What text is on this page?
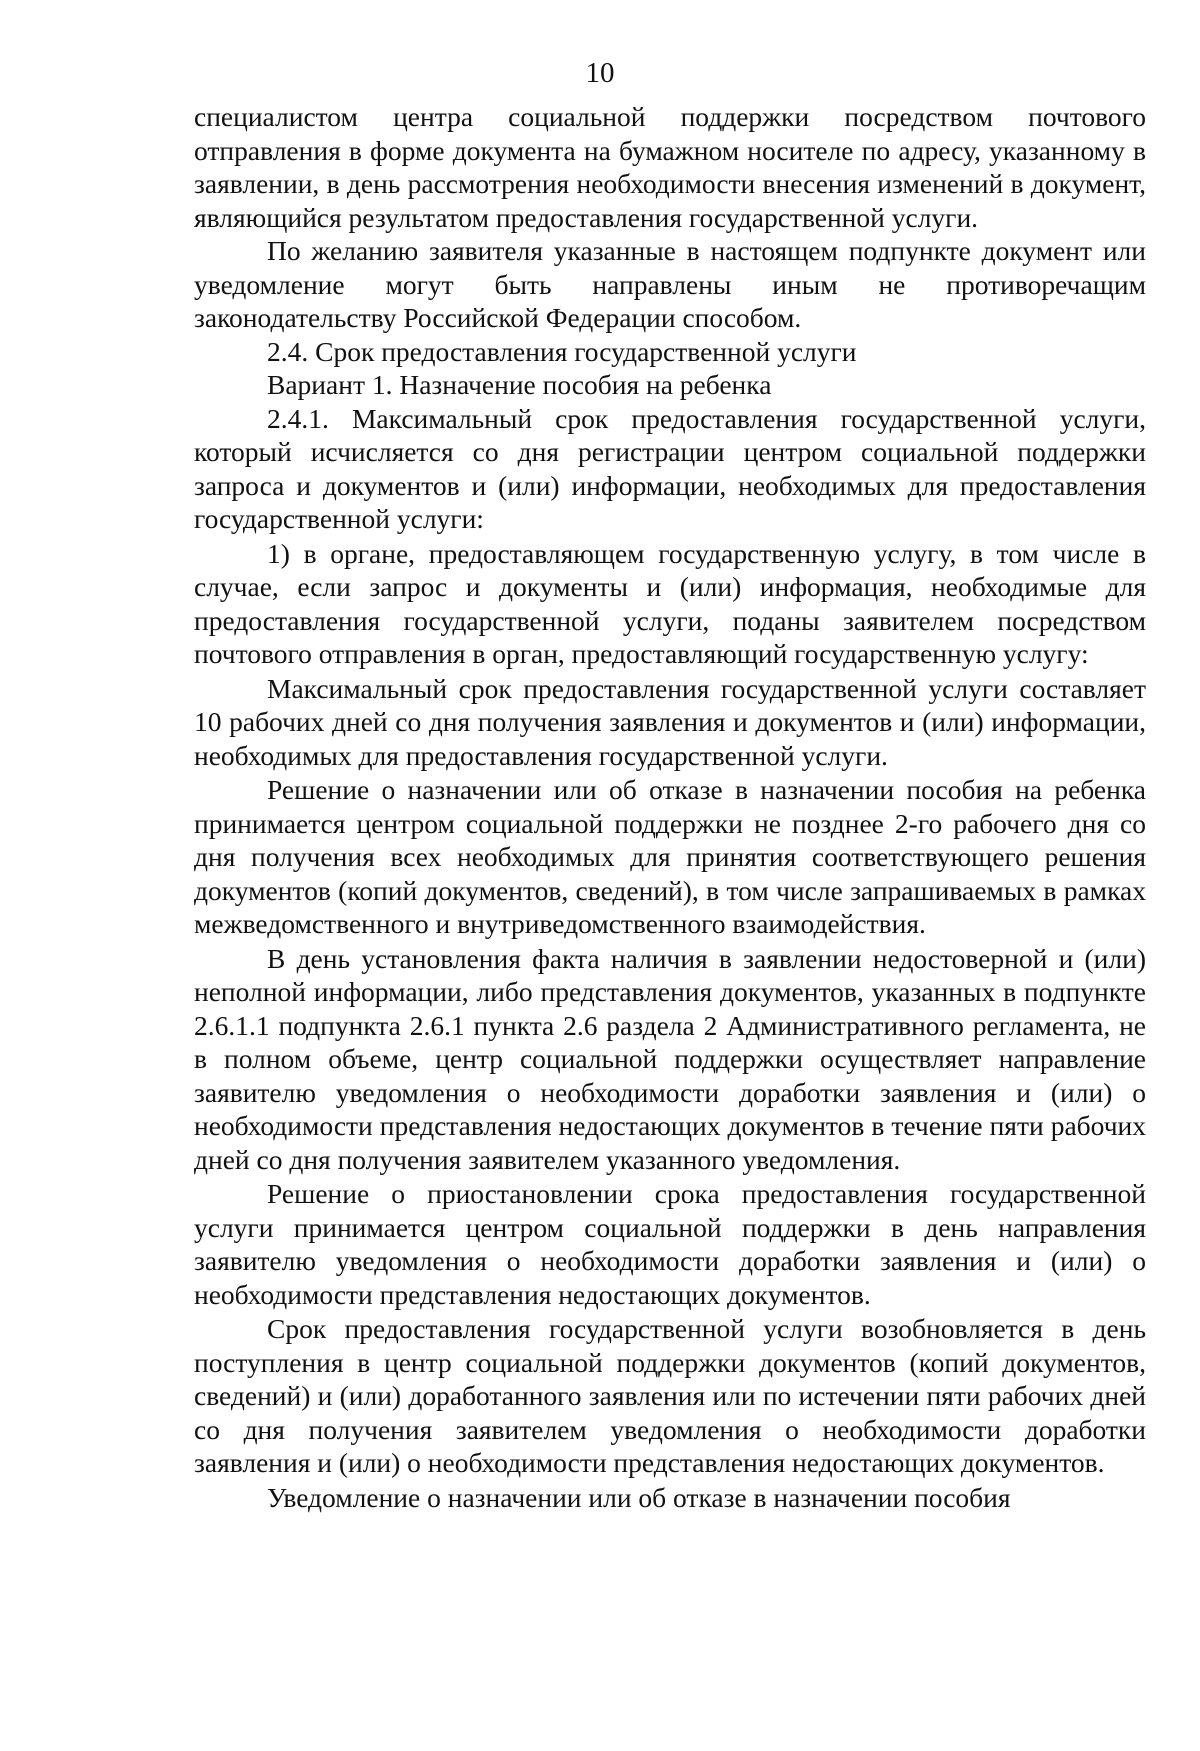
10

специалистом центра социальной поддержки посредством почтового отправления в форме документа на бумажном носителе по адресу, указанному в заявлении, в день рассмотрения необходимости внесения изменений в документ, являющийся результатом предоставления государственной услуги.

По желанию заявителя указанные в настоящем подпункте документ или уведомление могут быть направлены иным не противоречащим законодательству Российской Федерации способом.

2.4. Срок предоставления государственной услуги

Вариант 1. Назначение пособия на ребенка

2.4.1. Максимальный срок предоставления государственной услуги, который исчисляется со дня регистрации центром социальной поддержки запроса и документов и (или) информации, необходимых для предоставления государственной услуги:

1) в органе, предоставляющем государственную услугу, в том числе в случае, если запрос и документы и (или) информация, необходимые для предоставления государственной услуги, поданы заявителем посредством почтового отправления в орган, предоставляющий государственную услугу:

Максимальный срок предоставления государственной услуги составляет 10 рабочих дней со дня получения заявления и документов и (или) информации, необходимых для предоставления государственной услуги.

Решение о назначении или об отказе в назначении пособия на ребенка принимается центром социальной поддержки не позднее 2-го рабочего дня со дня получения всех необходимых для принятия соответствующего решения документов (копий документов, сведений), в том числе запрашиваемых в рамках межведомственного и внутриведомственного взаимодействия.

В день установления факта наличия в заявлении недостоверной и (или) неполной информации, либо представления документов, указанных в подпункте 2.6.1.1 подпункта 2.6.1 пункта 2.6 раздела 2 Административного регламента, не в полном объеме, центр социальной поддержки осуществляет направление заявителю уведомления о необходимости доработки заявления и (или) о необходимости представления недостающих документов в течение пяти рабочих дней со дня получения заявителем указанного уведомления.

Решение о приостановлении срока предоставления государственной услуги принимается центром социальной поддержки в день направления заявителю уведомления о необходимости доработки заявления и (или) о необходимости представления недостающих документов.

Срок предоставления государственной услуги возобновляется в день поступления в центр социальной поддержки документов (копий документов, сведений) и (или) доработанного заявления или по истечении пяти рабочих дней со дня получения заявителем уведомления о необходимости доработки заявления и (или) о необходимости представления недостающих документов.

Уведомление о назначении или об отказе в назначении пособия
